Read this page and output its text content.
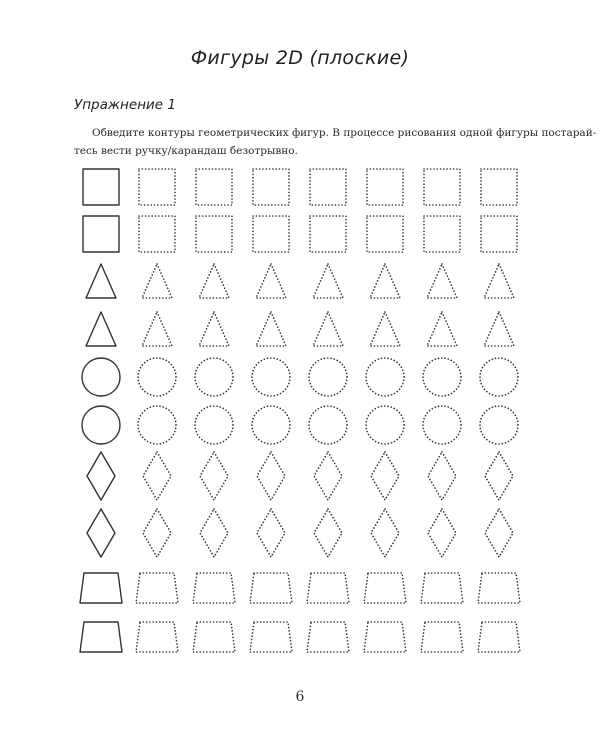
Фигуры 2D (плоские)
Упражнение 1
Обведите контуры геометрических фигур. В процессе рисования одной фигуры постарай-
тесь вести ручку/карандаш безотрывно.
6
